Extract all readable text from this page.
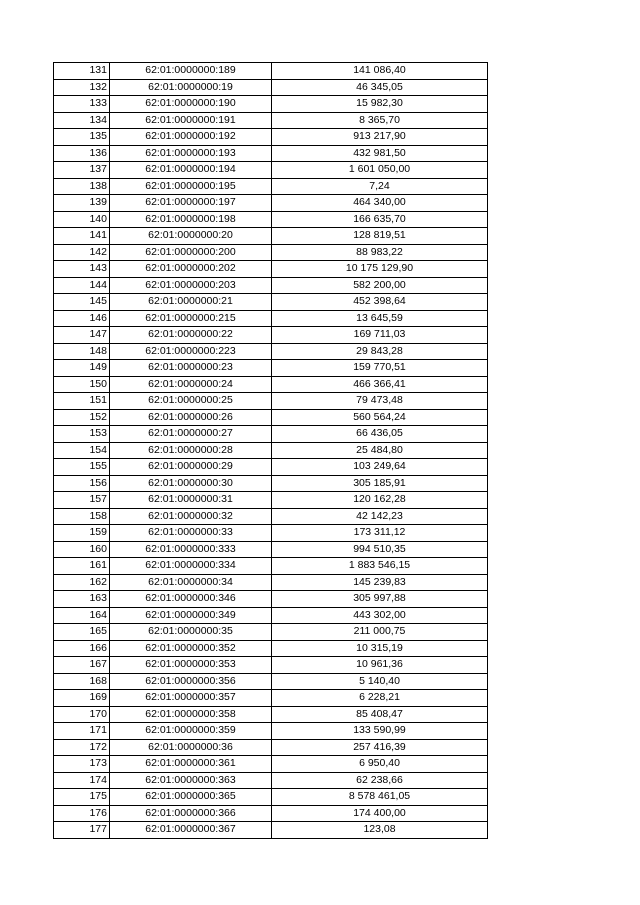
131	62:01:0000000:189	141 086,40
132	62:01:0000000:19	46 345,05
133	62:01:0000000:190	15 982,30
134	62:01:0000000:191	8 365,70
135	62:01:0000000:192	913 217,90
136	62:01:0000000:193	432 981,50
137	62:01:0000000:194	1 601 050,00
138	62:01:0000000:195	7,24
139	62:01:0000000:197	464 340,00
140	62:01:0000000:198	166 635,70
141	62:01:0000000:20	128 819,51
142	62:01:0000000:200	88 983,22
143	62:01:0000000:202	10 175 129,90
144	62:01:0000000:203	582 200,00
145	62:01:0000000:21	452 398,64
146	62:01:0000000:215	13 645,59
147	62:01:0000000:22	169 711,03
148	62:01:0000000:223	29 843,28
149	62:01:0000000:23	159 770,51
150	62:01:0000000:24	466 366,41
151	62:01:0000000:25	79 473,48
152	62:01:0000000:26	560 564,24
153	62:01:0000000:27	66 436,05
154	62:01:0000000:28	25 484,80
155	62:01:0000000:29	103 249,64
156	62:01:0000000:30	305 185,91
157	62:01:0000000:31	120 162,28
158	62:01:0000000:32	42 142,23
159	62:01:0000000:33	173 311,12
160	62:01:0000000:333	994 510,35
161	62:01:0000000:334	1 883 546,15
162	62:01:0000000:34	145 239,83
163	62:01:0000000:346	305 997,88
164	62:01:0000000:349	443 302,00
165	62:01:0000000:35	211 000,75
166	62:01:0000000:352	10 315,19
167	62:01:0000000:353	10 961,36
168	62:01:0000000:356	5 140,40
169	62:01:0000000:357	6 228,21
170	62:01:0000000:358	85 408,47
171	62:01:0000000:359	133 590,99
172	62:01:0000000:36	257 416,39
173	62:01:0000000:361	6 950,40
174	62:01:0000000:363	62 238,66
175	62:01:0000000:365	8 578 461,05
176	62:01:0000000:366	174 400,00
177	62:01:0000000:367	123,08
